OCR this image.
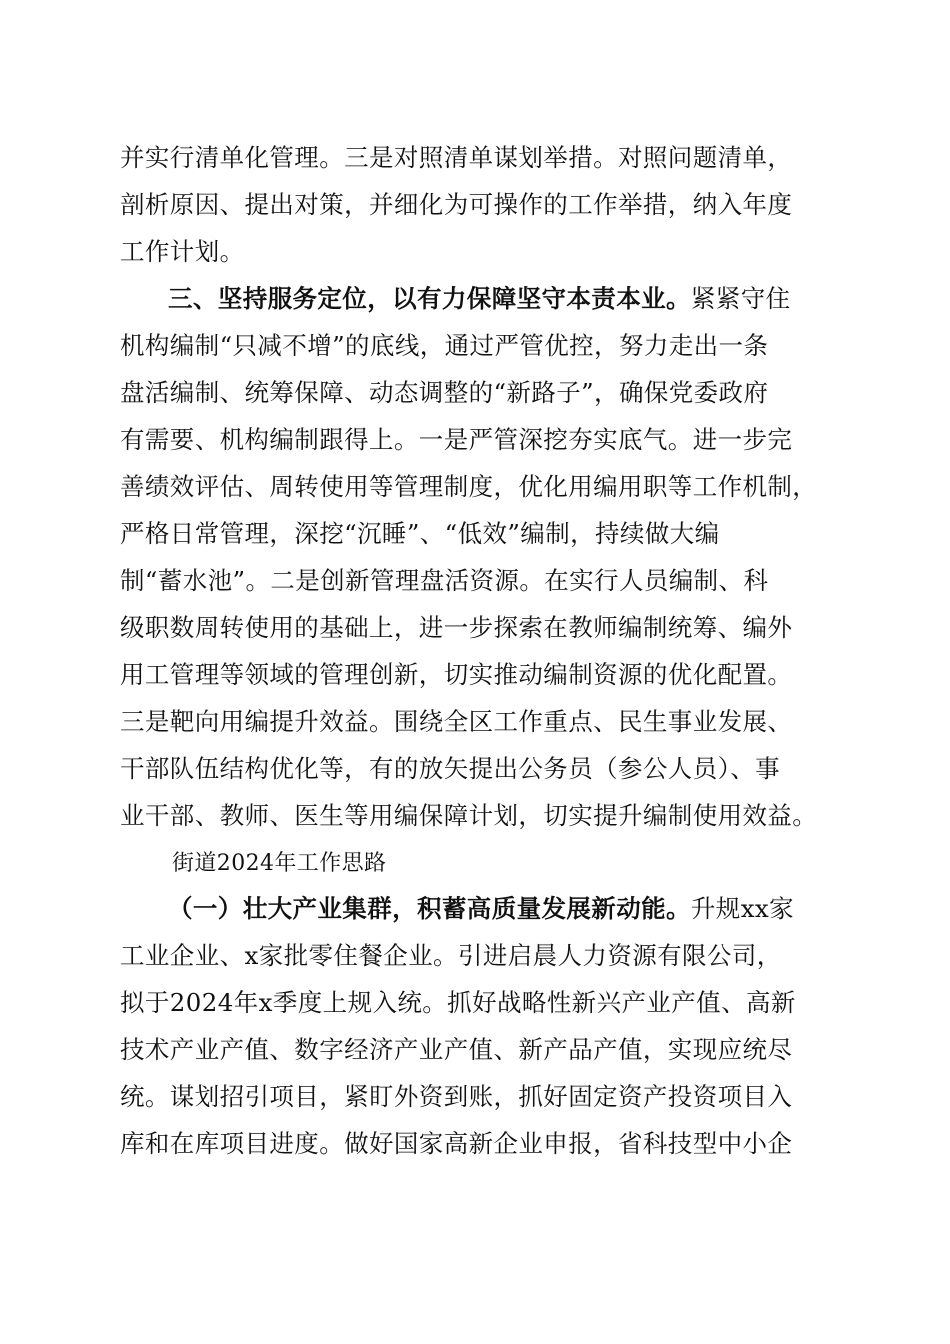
并实行清单化管理。三是对照清单谋划举措。对照问题清单，
剖析原因、提出对策，并细化为可操作的工作举措，纳入年度
工作计划。
三、坚持服务定位，以有力保障坚守本责本业。紧紧守住
机构编制“只减不增”的底线，通过严管优控，努力走出一条
盘活编制、统筹保障、动态调整的“新路子”，确保党委政府
有需要、机构编制跟得上。一是严管深挖夯实底气。进一步完
善绩效评估、周转使用等管理制度，优化用编用职等工作机制，
严格日常管理，深挖“沉睡”、“低效”编制，持续做大编
制“蓄水池”。二是创新管理盘活资源。在实行人员编制、科
级职数周转使用的基础上，进一步探索在教师编制统筹、编外
用工管理等领域的管理创新，切实推动编制资源的优化配置。
三是靶向用编提升效益。围绕全区工作重点、民生事业发展、
干部队伍结构优化等，有的放矢提出公务员（参公人员）、事
业干部、教师、医生等用编保障计划，切实提升编制使用效益。
街道2024年工作思路
（一）壮大产业集群，积蓄高质量发展新动能。升规xx家
工业企业、x家批零住餐企业。引进启晨人力资源有限公司，
拟于2024年x季度上规入统。抓好战略性新兴产业产值、高新
技术产业产值、数字经济产业产值、新产品产值，实现应统尽
统。谋划招引项目，紧盯外资到账，抓好固定资产投资项目入
库和在库项目进度。做好国家高新企业申报，省科技型中小企
